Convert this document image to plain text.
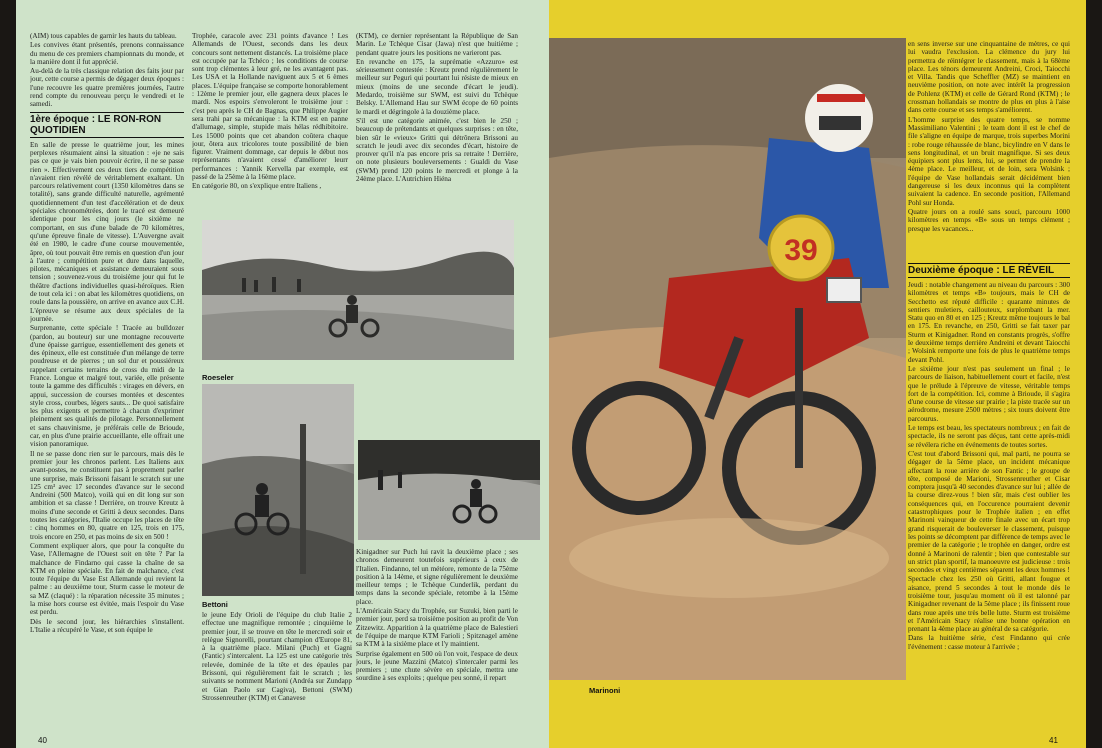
(AIM) tous capables de garnir les hauts du tableau.

Les convives étant présentés, prenons connaissance du menu de ces premiers championnats du monde, et la manière dont il fut apprécié.

Au-delà de la très classique relation des faits jour par jour, cette course a permis de dégager deux époques : l'une recouvre les quatre premières journées, l'autre rend compte du renouveau perçu le vendredi et le samedi.

1ère époque : LE RON-RON QUOTIDIEN

En salle de presse le quatrième jour, les mines perplexes résumaient ainsi la situation : «je ne sais pas ce que je vais bien pouvoir écrire, il ne se passe rien ». Effectivement ces deux tiers de compétition n'avaient rien révélé de véritablement exaltant. Un parcours relativement court (1350 kilomètres dans se totalité), sans grande difficulté naturelle, agrémenté quotidiennement d'un test d'accélération et de deux spéciales chronométrées, dont le tracé est demeuré identique pour les cinq jours (le sixième ne comportant, en sus d'une balade de 70 kilomètres, qu'une épreuve finale de vitesse). L'Auvergne avait été en 1980, le cadre d'une course mouvementée, âpre, où tout pouvait être remis en question d'un jour à l'autre ; compétition pure et dure dans laquelle, pilotes, mécaniques et assistance demeuraient sous tension ; souvenez-vous du troisième jour qui fut le théâtre d'actions individuelles quasi-héroïques. Rien de tout cela ici : on abat les kilomètres quotidiens, on roule dans la poussière, on arrive en avance aux C.H. L'épreuve se résume aux deux spéciales de la journée.

Surprenante, cette spéciale ! Tracée au bulldozer (pardon, au bouteur) sur une montagne recouverte d'une épaisse garrigue, essentiellement des genets et des épineux, elle est constituée d'un mélange de terre poudreuse et de pierres ; un sol dur et poussiéreux rappelant certains terrains de cross du midi de la France. Longue et malgré tout, variée, elle présente toute la gamme des difficultés : virages en dévers, en appui, succession de courses montées et descentes style cross, courbes, légers sauts... De quoi satisfaire les plus exigents et permettre à chacun d'exprimer pleinement ses qualités de pilotage. Personnellement et sans chauvinisme, je préférais celle de Brioude, car, en plus d'une prairie accueillante, elle offrait une vision panoramique.

Il ne se passe donc rien sur le parcours, mais dès le premier jour les chronos parlent. Les Italiens aux avant-postes, ne constituent pas à proprement parler une surprise, mais Brissoni faisant le scratch sur une 125 cm³ avec 17 secondes d'avance sur le second Andreini (500 Matco), voilà qui en dit long sur son ambition et sa classe ! Derrière, on trouve Kreutz à moins d'une seconde et Gritti à deux secondes. Dans toutes les catégories, l'Italie occupe les places de tête : cinq hommes en 80, quatre en 125, trois en 175, trois encore en 250, et pas moins de six en 500 !

Comment expliquer alors, que pour la conquête du Vase, l'Allemagne de l'Ouest soit en tête ? Par la malchance de Findarno qui casse la chaîne de sa KTM en pleine spéciale. En fait de malchance, c'est toute l'équipe du Vase Est Allemande qui revient la palme : au deuxième tour, Sturm casse le moteur de sa MZ (claqué) : la réparation nécessite 35 minutes ; la mise hors course est évitée, mais l'espoir du Vase est perdu.

Dès le second jour, les hiérarchies s'installent. L'Italie a récupéré le Vase, et son équipe le

Trophée, caracole avec 231 points d'avance ! Les Allemands de l'Ouest, seconds dans les deux concours sont nettement distancés. La troisième place est occupée par la Tchéco ; les conditions de course sont trop clémentes à leur gré, ne les avantagent pas. Les USA et la Hollande naviguent aux 5 et 6 èmes places. L'équipe française se comporte honorablement : 12ème le premier jour, elle gagnera deux places le mardi. Nos espoirs s'envoleront le troisième jour : c'est peu après le CH de Bagnas, que Philippe Augier sera trahi par sa mécanique : la KTM est en panne d'allumage, simple, stupide mais hélas rédhibitoire. Les 15000 points que cet abandon coûtera chaque jour, ôtera aux tricolores toute possibilité de bien figurer. Vraiment dommage, car depuis le début nos représentants n'avaient cessé d'améliorer leurr performances : Yannik Kervella par exemple, est passé de la 25ème à la 16ème place.

En catégorie 80, on s'explique entre Italiens ,

(KTM), ce dernier représentant la République de San Marin. Le Tchèque Cisar (Jawa) n'est que huitième ; pendant quatre jours les positions ne varieront pas.

En revanche en 175, la suprématie «Azzuro» est sérieusement contestée : Kreutz prend régulièrement le meilleur sur Peguri qui pourtant lui résiste de mieux en mieux (moins de une seconde d'écart le jeudi). Medardo, troisième sur SWM, est suivi du Tchèque Belsky. L'Allemand Hau sur SWM écope de 60 points le mardi et dégringole à la douzième place.

S'il est une catégorie animée, c'est bien le 250 ; beaucoup de prétendants et quelques surprises : en tête, bien sûr le «vieux» Gritti qui détrônera Brissoni au scratch le jeudi avec dix secondes d'écart, histoire de prouver qu'il n'a pas encore pris sa retraite ! Derrière, on note plusieurs bouleversements : Gualdi du Vase (SWM) prend 120 points le mercredi et plonge à la 24ème place. L'Autrichien Hiéna

Roeseler

Kinigadner sur Puch lui ravit la deuxième place ; ses chronos demeurent toutefois supérieurs à ceux de l'Italien. Findanno, tel un météore, remonte de la 75ème position à la 14ème, et signe régulièrement le deuxième meilleur temps ; le Tchèque Cunderlik, perdant du temps dans la seconde spéciale, retombe à la 15ème place.

L'Américain Stacy du Trophée, sur Suzuki, bien parti le premier jour, perd sa troisième position au profit de Von Zitzewitz. Apparition à la quatrième place de Balestieri de l'équipe de marque KTM Farioli ; Spitznagel amène sa KTM à la sixième place et l'y maintient.

Surprise également en 500 où l'on voit, l'espace de deux jours, le jeune Mazzini (Matco) s'intercaler parmi les premiers ; une chute sévère en spéciale, mettra une sourdine à ses exploits ; quelque peu sonné, il repart

Bettoni

le jeune Edy Orioli de l'équipe du club Italie 2 effectue une magnifique remontée ; cinquième le premier jour, il se trouve en tête le mercredi soir et relègue Signorelli, pourtant champion d'Europe 81, à la quatrième place. Milani (Puch) et Gagni (Fantic) s'intercalent. La 125 est une catégorie très relevée, dominée de la tête et des épaules par Brissoni, qui régulièrement fait le scratch ; les suivants se nomment Marioni (Andréa sur Zundapp et Gian Paolo sur Cagiva), Bettoni (SWM) Strossenreuther (KTM) et Canavese

40
39

en sens inverse sur une cinquantaine de mètres, ce qui lui vaudra l'exclusion. La clémence du jury lui permettra de réintégrer le classement, mais à la 68ème place. Les ténors demeurent Andreini, Croci, Taiocchi et Villa. Tandis que Scheffler (MZ) se maintient en neuvième position, on note avec intérêt la progression de Pohlenz (KTM) et celle de Gérard Rond (KTM) ; le crossman hollandais se montre de plus en plus à l'aise dans cette course et ses temps s'améliorent.

L'homme surprise des quatre temps, se nomme Massimiliano Valentini ; le team dont il est le chef de file s'aligne en équipe de marque, trois superbes Morini : robe rouge réhaussée de blanc, bicylindre en V dans le sens longitudinal, et un bruit magnifique. Si ses deux équipiers sont plus lents, lui, se permet de prendre la 4ème place. Le meilleur, et de loin, sera Wolsink ; l'équipe de Vase hollandais serait décidément bien dangereuse si les deux inconnus qui la complètent suivaient la cadence. En seconde position, l'Allemand Pohl sur Honda.

Quatre jours on a roulé sans souci, parcouru 1000 kilomètres en temps «B» sous un temps clément ; presque les vacances...

Deuxième époque : LE RÉVEIL

Jeudi : notable changement au niveau du parcours : 300 kilomètres et temps «B» toujours, mais le CH de Secchetto est réputé difficile : quarante minutes de sentiers muletiers, caillouteux, surplombant la mer. Statu quo en 80 et en 125 ; Kreutz même toujours le bal en 175. En revanche, en 250, Gritti se fait taxer par Sturm et Kinigadner. Rond en constants progrès, s'offre le deuxième temps derrière Andreini et devant Taiocchi ; Wolsink remporte une fois de plus le quatrième temps devant Pohl.

Le sixième jour n'est pas seulement un final ; le parcours de liaison, habituellement court et facile, n'est que le prélude à l'épreuve de vitesse, véritable temps fort de la compétition. Ici, comme à Brioude, il s'agira d'une course de vitesse sur prairie ; la piste tracée sur un aérodrome, mesure 2500 mètres ; six tours doivent être parcourus.

Le temps est beau, les spectateurs nombreux ; en fait de spectacle, ils ne seront pas déçus, tant cette après-midi se révélera riche en événements de toutes sortes.

C'est tout d'abord Brissoni qui, mal parti, ne pourra se dégager de la 5ème place, un incident mécanique affectant la roue arrière de son Fantic ; le groupe de tête, composé de Marioni, Strossenreuther et Cisar comptera jusqu'à 40 secondes d'avance sur lui ; allée de la course direz-vous ! bien sûr, mais c'est oublier les conséquences qui, en l'occurence pourraient devenir catastrophiques pour le Trophée italien ; en effet Marinoni vainqueur de cette finale avec un écart trop grand risquerait de bouleverser le classement, puisque les points se décomptent par différence de temps avec le premier de la catégorie ; le trophée en danger, ordre est donné à Marinoni de ralentir ; bien que contestable sur un strict plan sportif, la manoeuvre est judicieuse : trois secondes et vingt centièmes séparent les deux hommes !

Spectacle chez les 250 où Gritti, allant fougue et aisance, prend 5 secondes à tout le monde dès le troisième tour, jusqu'au moment où il est talonné par Kinigadner revenant de la 5ème place ; ils finissent roue dans roue après une très belle lutte. Sturm est troisième et l'Américain Stacy réalise une bonne opération en prenant la 4ème place au général de sa catégorie.

Dans la huitième série, c'est Findanno qui crée l'événement : casse moteur à l'arrivée ;

Marinoni
41
